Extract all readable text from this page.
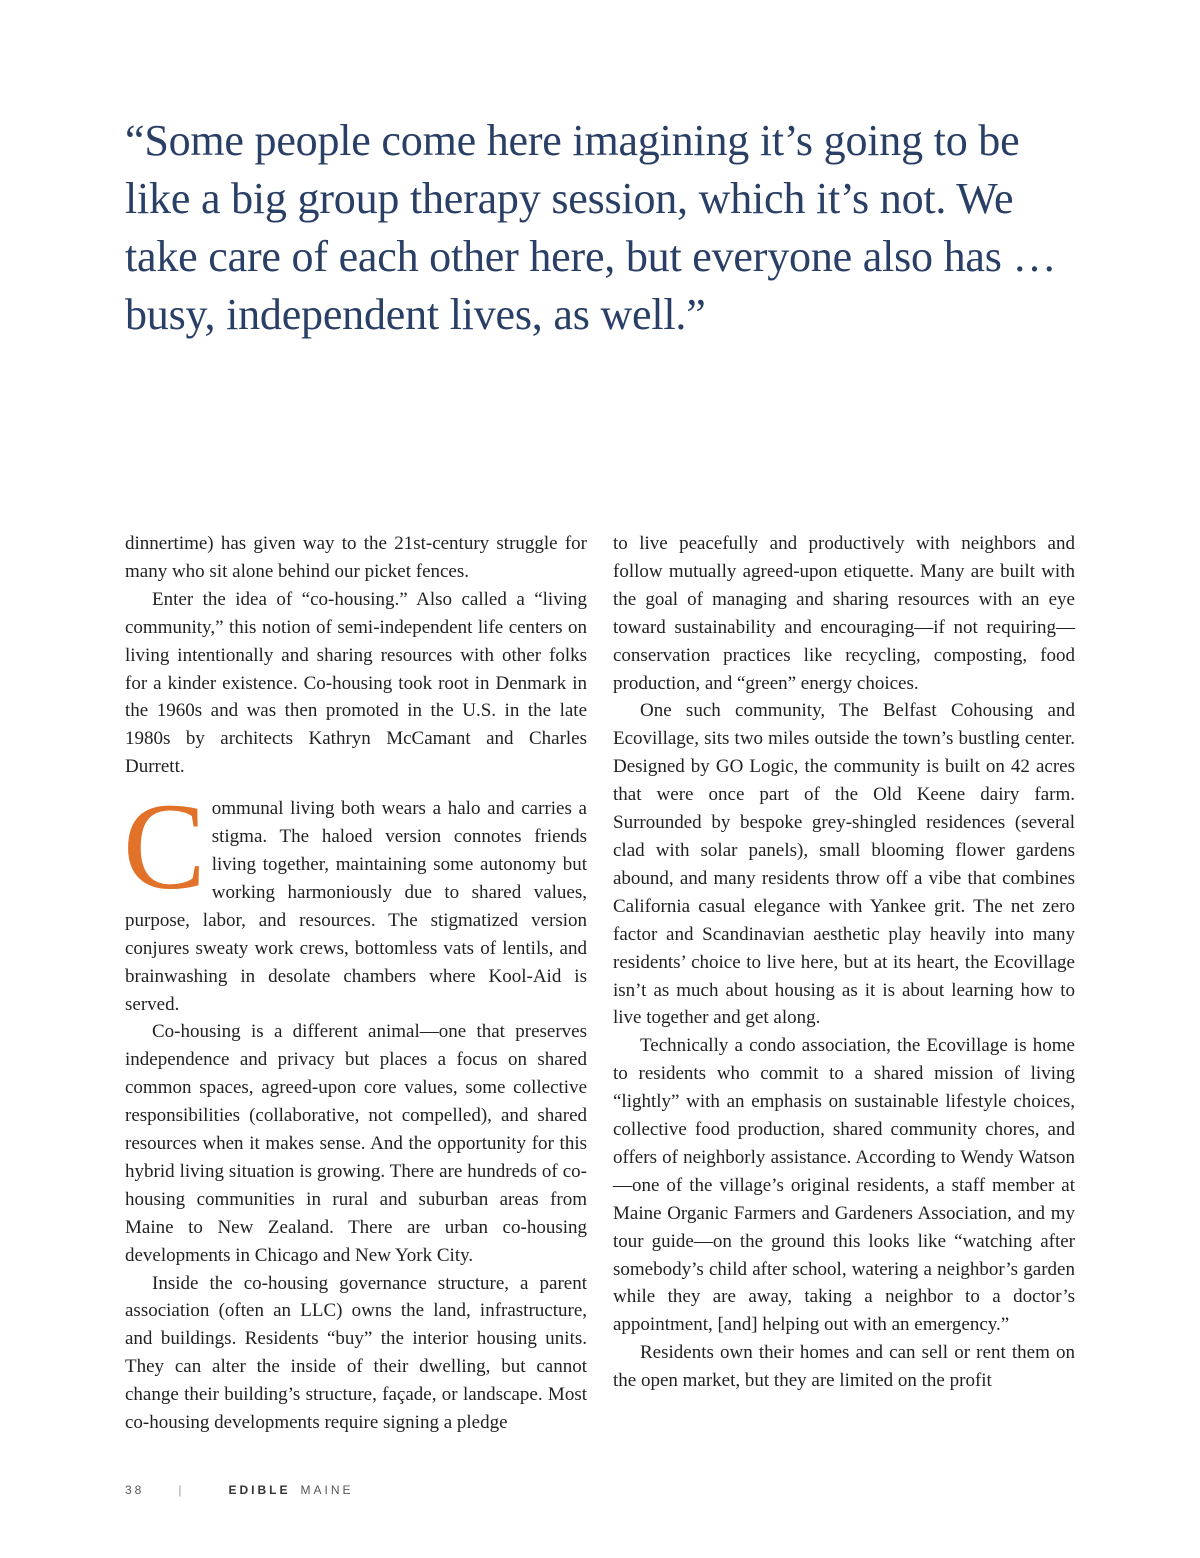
“Some people come here imagining it’s going to be like a big group therapy session, which it’s not. We take care of each other here, but everyone also has … busy, independent lives, as well.”

dinnertime) has given way to the 21st-century struggle for many who sit alone behind our picket fences.

Enter the idea of “co-housing.” Also called a “living community,” this notion of semi-independent life centers on living intentionally and sharing resources with other folks for a kinder existence. Co-housing took root in Denmark in the 1960s and was then promoted in the U.S. in the late 1980s by architects Kathryn McCamant and Charles Durrett.

Communal living both wears a halo and carries a stigma. The haloed version connotes friends living together, maintaining some autonomy but working harmoniously due to shared values, purpose, labor, and resources. The stigmatized version conjures sweaty work crews, bottomless vats of lentils, and brainwashing in desolate chambers where Kool-Aid is served.

Co-housing is a different animal—one that preserves independence and privacy but places a focus on shared common spaces, agreed-upon core values, some collective responsibilities (collaborative, not compelled), and shared resources when it makes sense. And the opportunity for this hybrid living situation is growing. There are hundreds of co-housing communities in rural and suburban areas from Maine to New Zealand. There are urban co-housing developments in Chicago and New York City.

Inside the co-housing governance structure, a parent association (often an LLC) owns the land, infrastructure, and buildings. Residents “buy” the interior housing units. They can alter the inside of their dwelling, but cannot change their building’s structure, façade, or landscape. Most co-housing developments require signing a pledge

to live peacefully and productively with neighbors and follow mutually agreed-upon etiquette. Many are built with the goal of managing and sharing resources with an eye toward sustainability and encouraging—if not requiring—conservation practices like recycling, composting, food production, and “green” energy choices.

One such community, The Belfast Cohousing and Ecovillage, sits two miles outside the town’s bustling center. Designed by GO Logic, the community is built on 42 acres that were once part of the Old Keene dairy farm. Surrounded by bespoke grey-shingled residences (several clad with solar panels), small blooming flower gardens abound, and many residents throw off a vibe that combines California casual elegance with Yankee grit. The net zero factor and Scandinavian aesthetic play heavily into many residents’ choice to live here, but at its heart, the Ecovillage isn’t as much about housing as it is about learning how to live together and get along.

Technically a condo association, the Ecovillage is home to residents who commit to a shared mission of living “lightly” with an emphasis on sustainable lifestyle choices, collective food production, shared community chores, and offers of neighborly assistance. According to Wendy Watson—one of the village’s original residents, a staff member at Maine Organic Farmers and Gardeners Association, and my tour guide—on the ground this looks like “watching after somebody’s child after school, watering a neighbor’s garden while they are away, taking a neighbor to a doctor’s appointment, [and] helping out with an emergency.”

Residents own their homes and can sell or rent them on the open market, but they are limited on the profit

38	|	EDIBLE MAINE
